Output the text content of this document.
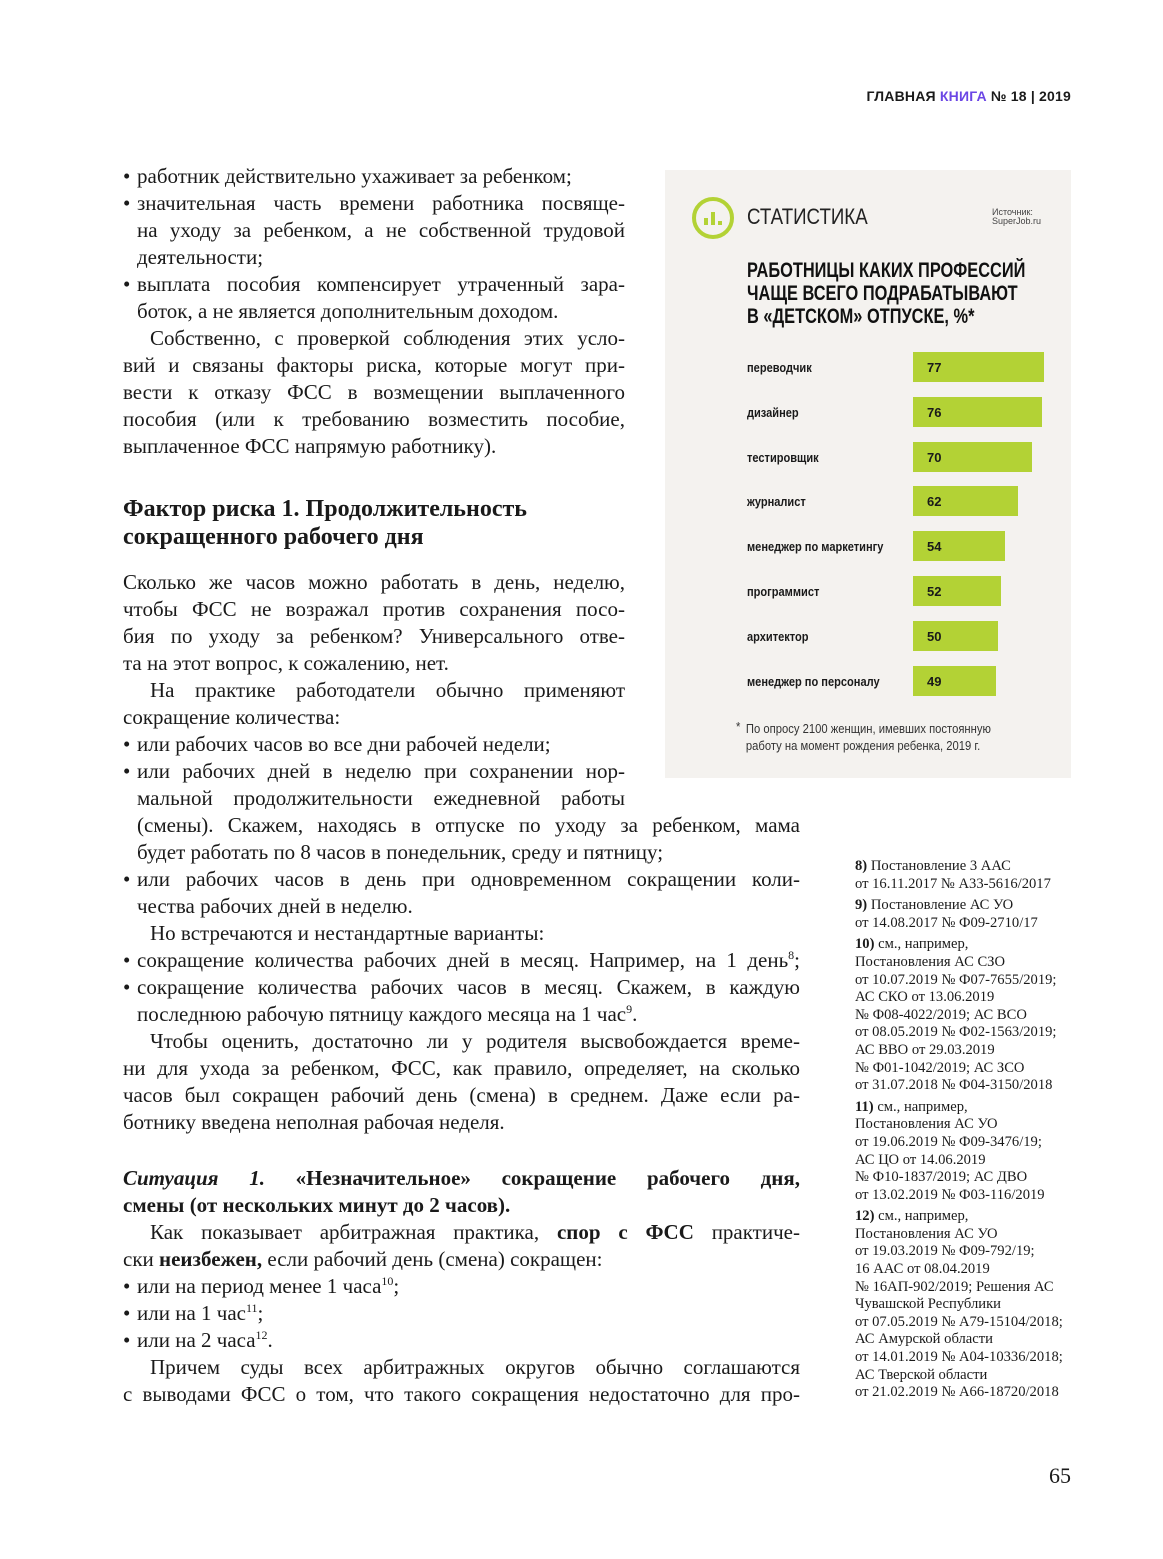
ГЛАВНАЯ КНИГА № 18 | 2019
• работник действительно ухаживает за ребенком;
• значительная часть времени работника посвяще-
на уходу за ребенком, а не собственной трудовой
деятельности;
• выплата пособия компенсирует утраченный зара-
боток, а не является дополнительным доходом.
Собственно, с проверкой соблюдения этих усло-
вий и связаны факторы риска, которые могут при-
вести к отказу ФСС в возмещении выплаченного
пособия (или к требованию возместить пособие,
выплаченное ФСС напрямую работнику).
Фактор риска 1. Продолжительность
сокращенного рабочего дня
Сколько же часов можно работать в день, неделю,
чтобы ФСС не возражал против сохранения посо-
бия по уходу за ребенком? Универсального отве-
та на этот вопрос, к сожалению, нет.
На практике работодатели обычно применяют
сокращение количества:
• или рабочих часов во все дни рабочей недели;
• или рабочих дней в неделю при сохранении нор-
мальной продолжительности ежедневной работы
(смены). Скажем, находясь в отпуске по уходу за ребенком, мама
будет работать по 8 часов в понедельник, среду и пятницу;
• или рабочих часов в день при одновременном сокращении коли-
чества рабочих дней в неделю.
Но встречаются и нестандартные варианты:
• сокращение количества рабочих дней в месяц. Например, на 1 день$^8$;
• сокращение количества рабочих часов в месяц. Скажем, в каждую
последнюю рабочую пятницу каждого месяца на 1 час$^9$.
Чтобы оценить, достаточно ли у родителя высвобождается време-
ни для ухода за ребенком, ФСС, как правило, определяет, на сколько
часов был сокращен рабочий день (смена) в среднем. Даже если ра-
ботнику введена неполная рабочая неделя.
Ситуация 1. «Незначительное» сокращение рабочего дня,
смены (от нескольких минут до 2 часов).
Как показывает арбитражная практика, спор с ФСС практиче-
ски неизбежен, если рабочий день (смена) сокращен:
• или на период менее 1 часа$^{10}$;
• или на 1 час$^{11}$;
• или на 2 часа$^{12}$.
Причем суды всех арбитражных округов обычно соглашаются
с выводами ФСС о том, что такого сокращения недостаточно для про-
СТАТИСТИКА	Источник:
SuperJob.ru
РАБОТНИЦЫ КАКИХ ПРОФЕССИЙ
ЧАЩЕ ВСЕГО ПОДРАБАТЫВАЮТ
В «ДЕТСКОМ» ОТПУСКЕ, %*
переводчик	77
дизайнер	76
тестировщик	70
журналист	62
менеджер по маркетингу	54
программист	52
архитектор	50
менеджер по персоналу	49
* По опросу 2100 женщин, имевших постоянную
работу на момент рождения ребенка, 2019 г.
8) Постановление 3 ААС
от 16.11.2017 № А33-5616/2017
9) Постановление АС УО
от 14.08.2017 № Ф09-2710/17
10) см., например,
Постановления АС СЗО
от 10.07.2019 № Ф07-7655/2019;
АС СКО от 13.06.2019
№ Ф08-4022/2019; АС ВСО
от 08.05.2019 № Ф02-1563/2019;
АС ВВО от 29.03.2019
№ Ф01-1042/2019; АС ЗСО
от 31.07.2018 № Ф04-3150/2018
11) см., например,
Постановления АС УО
от 19.06.2019 № Ф09-3476/19;
АС ЦО от 14.06.2019
№ Ф10-1837/2019; АС ДВО
от 13.02.2019 № Ф03-116/2019
12) см., например,
Постановления АС УО
от 19.03.2019 № Ф09-792/19;
16 ААС от 08.04.2019
№ 16АП-902/2019; Решения АС
Чувашской Республики
от 07.05.2019 № А79-15104/2018;
АС Амурской области
от 14.01.2019 № А04-10336/2018;
АС Тверской области
от 21.02.2019 № А66-18720/2018
65
